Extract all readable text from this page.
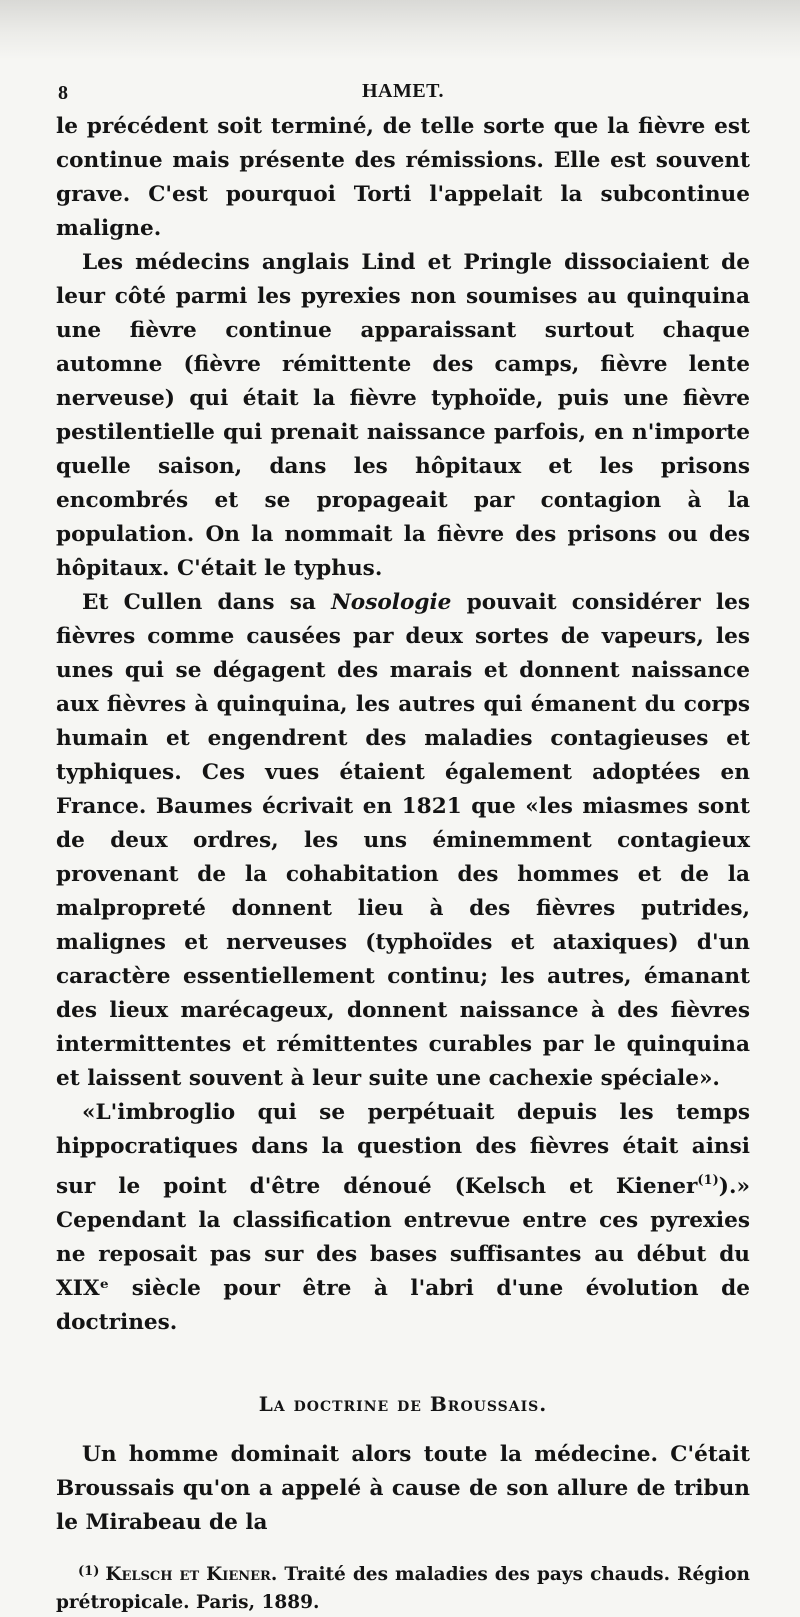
8	HAMET.

le précédent soit terminé, de telle sorte que la fièvre est continue mais présente des rémissions. Elle est souvent grave. C'est pourquoi Torti l'appelait la subcontinue maligne.

Les médecins anglais Lind et Pringle dissociaient de leur côté parmi les pyrexies non soumises au quinquina une fièvre continue apparaissant surtout chaque automne (fièvre rémittente des camps, fièvre lente nerveuse) qui était la fièvre typhoïde, puis une fièvre pestilentielle qui prenait naissance parfois, en n'importe quelle saison, dans les hôpitaux et les prisons encombrés et se propageait par contagion à la population. On la nommait la fièvre des prisons ou des hôpitaux. C'était le typhus.

Et Cullen dans sa Nosologie pouvait considérer les fièvres comme causées par deux sortes de vapeurs, les unes qui se dégagent des marais et donnent naissance aux fièvres à quinquina, les autres qui émanent du corps humain et engendrent des maladies contagieuses et typhiques. Ces vues étaient également adoptées en France. Baumes écrivait en 1821 que «les miasmes sont de deux ordres, les uns éminemment contagieux provenant de la cohabitation des hommes et de la malpropreté donnent lieu à des fièvres putrides, malignes et nerveuses (typhoïdes et ataxiques) d'un caractère essentiellement continu; les autres, émanant des lieux marécageux, donnent naissance à des fièvres intermittentes et rémittentes curables par le quinquina et laissent souvent à leur suite une cachexie spéciale».

«L'imbroglio qui se perpétuait depuis les temps hippocratiques dans la question des fièvres était ainsi sur le point d'être dénoué (Kelsch et Kiener$^{(1)}$).» Cependant la classification entrevue entre ces pyrexies ne reposait pas sur des bases suffisantes au début du XIXᵉ siècle pour être à l'abri d'une évolution de doctrines.

La doctrine de Broussais.

Un homme dominait alors toute la médecine. C'était Broussais qu'on a appelé à cause de son allure de tribun le Mirabeau de la

$^{(1)}$ Kelsch et Kiener. Traité des maladies des pays chauds. Région prétropicale. Paris, 1889.
